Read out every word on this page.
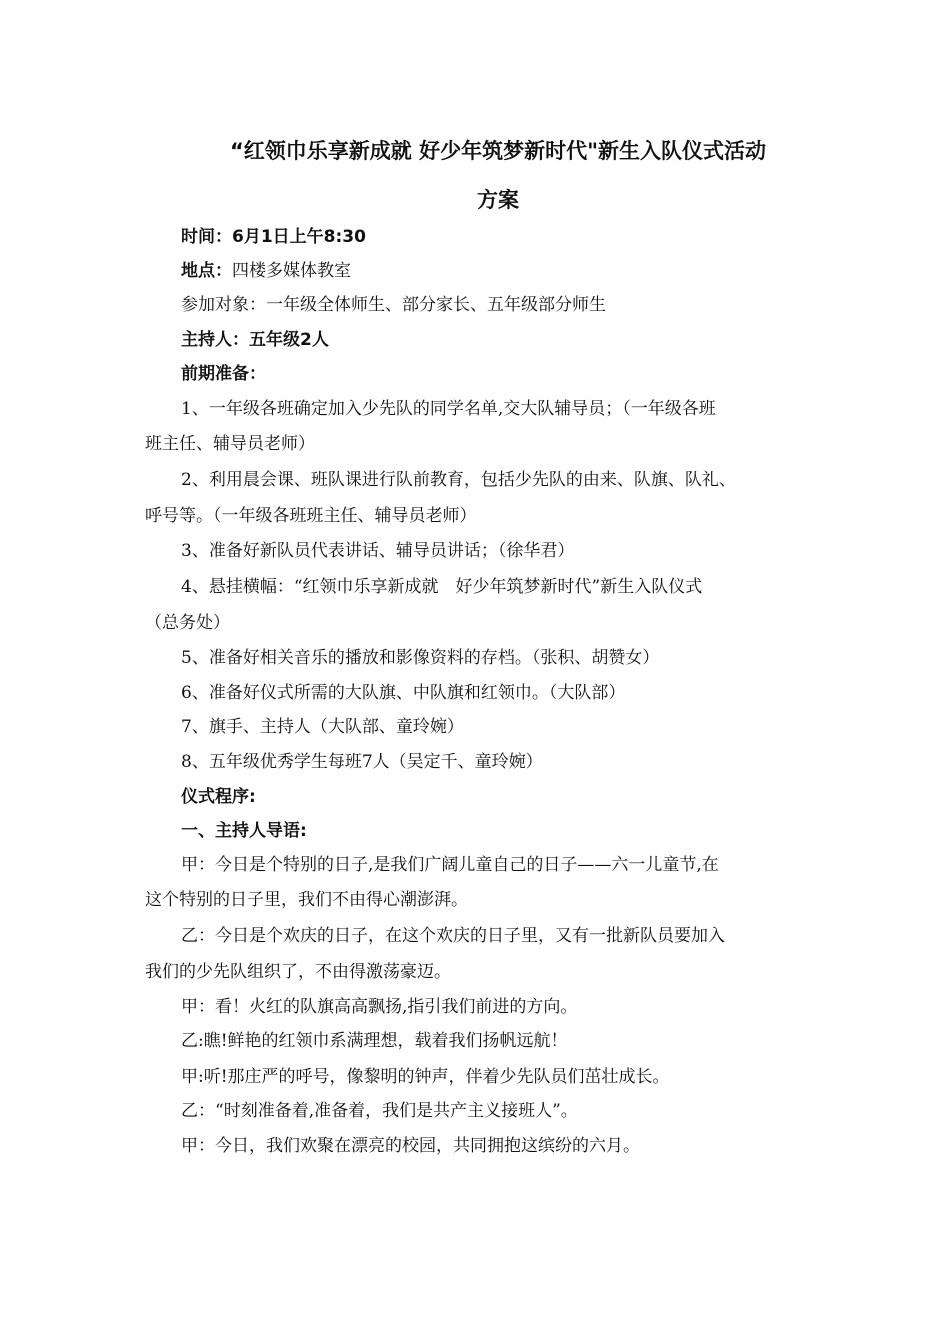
“红领巾乐享新成就 好少年筑梦新时代"新生入队仪式活动
方案
时间：6月1日上午8:30
地点：四楼多媒体教室
参加对象：一年级全体师生、部分家长、五年级部分师生
主持人：五年级2人
前期准备：
1、一年级各班确定加入少先队的同学名单,交大队辅导员；（一年级各班
班主任、辅导员老师）
2、利用晨会课、班队课进行队前教育，包括少先队的由来、队旗、队礼、
呼号等。（一年级各班班主任、辅导员老师）
3、准备好新队员代表讲话、辅导员讲话；（徐华君）
4、悬挂横幅：“红领巾乐享新成就　好少年筑梦新时代”新生入队仪式
（总务处）
5、准备好相关音乐的播放和影像资料的存档。（张积、胡赞女）
6、准备好仪式所需的大队旗、中队旗和红领巾。（大队部）
7、旗手、主持人（大队部、童玲婉）
8、五年级优秀学生每班7人（吴定千、童玲婉）
仪式程序:
一、主持人导语:
甲：今日是个特别的日子,是我们广阔儿童自己的日子——六一儿童节,在
这个特别的日子里，我们不由得心潮澎湃。
乙：今日是个欢庆的日子，在这个欢庆的日子里，又有一批新队员要加入
我们的少先队组织了，不由得激荡豪迈。
甲：看！火红的队旗高高飘扬,指引我们前进的方向。
乙:瞧!鲜艳的红领巾系满理想，载着我们扬帆远航！
甲:听!那庄严的呼号，像黎明的钟声，伴着少先队员们茁壮成长。
乙：“时刻准备着,准备着，我们是共产主义接班人”。
甲：今日，我们欢聚在漂亮的校园，共同拥抱这缤纷的六月。
